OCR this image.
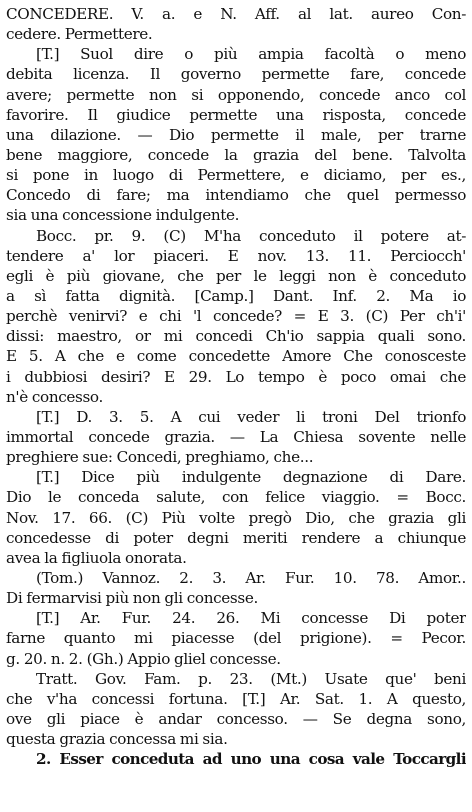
CONCEDERE. V. a. e N. Aff. al lat. aureo Con-
cedere. Permettere.
[T.] Suol dire o più ampia facoltà o meno
debita licenza. Il governo permette fare, concede
avere; permette non si opponendo, concede anco col
favorire. Il giudice permette una risposta, concede
una dilazione. — Dio permette il male, per trarne
bene maggiore, concede la grazia del bene. Talvolta
si pone in luogo di Permettere, e diciamo, per es.,
Concedo di fare; ma intendiamo che quel permesso
sia una concessione indulgente.
Bocc. pr. 9. (C) M'ha conceduto il potere at-
tendere a' lor piaceri. E nov. 13. 11. Perciocch'
egli è più giovane, che per le leggi non è conceduto
a sì fatta dignità. [Camp.] Dant. Inf. 2. Ma io
perchè venirvi? e chi 'l concede? = E 3. (C) Per ch'i'
dissi: maestro, or mi concedi Ch'io sappia quali sono.
E 5. A che e come concedette Amore Che conosceste
i dubbiosi desiri? E 29. Lo tempo è poco omai che
n'è concesso.
[T.] D. 3. 5. A cui veder li troni Del trionfo
immortal concede grazia. — La Chiesa sovente nelle
preghiere sue: Concedi, preghiamo, che...
[T.] Dice più indulgente degnazione di Dare.
Dio le conceda salute, con felice viaggio. = Bocc.
Nov. 17. 66. (C) Più volte pregò Dio, che grazia gli
concedesse di poter degni meriti rendere a chiunque
avea la figliuola onorata.
(Tom.) Vannoz. 2. 3. Ar. Fur. 10. 78. Amor..
Di fermarvisi più non gli concesse.
[T.] Ar. Fur. 24. 26. Mi concesse Di poter
farne quanto mi piacesse (del prigione). = Pecor.
g. 20. n. 2. (Gh.) Appio gliel concesse.
Tratt. Gov. Fam. p. 23. (Mt.) Usate que' beni
che v'ha concessi fortuna. [T.] Ar. Sat. 1. A questo,
ove gli piace è andar concesso. — Se degna sono,
questa grazia concessa mi sia.
2. Esser conceduta ad uno una cosa vale Toccargli
